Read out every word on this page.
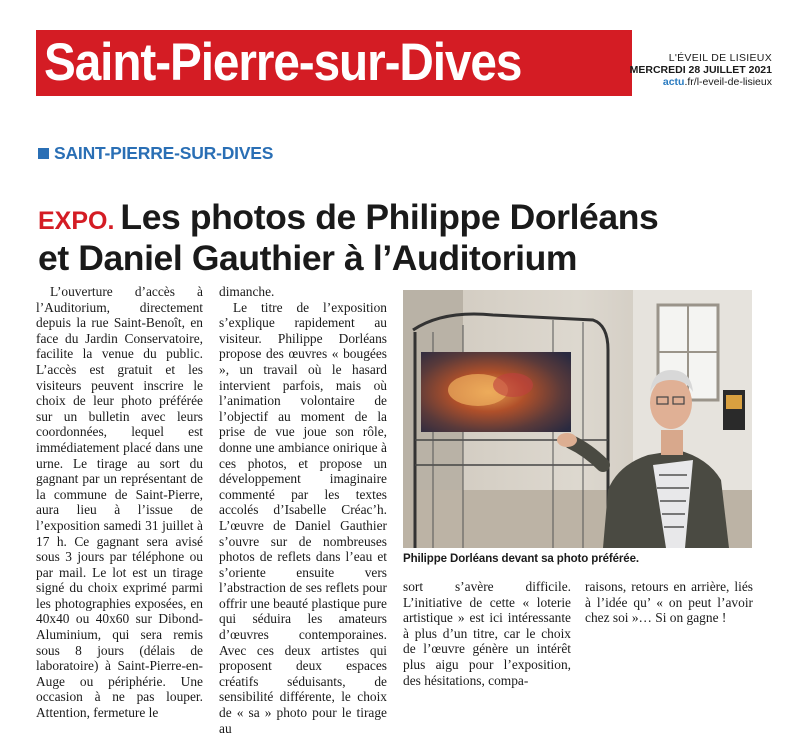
Saint-Pierre-sur-Dives	L'ÉVEIL DE LISIEUX
MERCREDI 28 JUILLET 2021
actu.fr/l-eveil-de-lisieux
SAINT-PIERRE-SUR-DIVES
EXPO. Les photos de Philippe Dorléans
et Daniel Gauthier à l’Auditorium

L’ouverture d’accès à l’Auditorium, directement depuis la rue Saint-Benoît, en face du Jardin Conservatoire, facilite la venue du public. L’accès est gratuit et les visiteurs peuvent inscrire le choix de leur photo préférée sur un bulletin avec leurs coordonnées, lequel est immédiatement placé dans une urne. Le tirage au sort du gagnant par un représentant de la commune de Saint-Pierre, aura lieu à l’issue de l’exposition samedi 31 juillet à 17 h. Ce gagnant sera avisé sous 3 jours par téléphone ou par mail. Le lot est un tirage signé du choix exprimé parmi les photographies exposées, en 40x40 ou 40x60 sur Dibond-Aluminium, qui sera remis sous 8 jours (délais de laboratoire) à Saint-Pierre-en-Auge ou périphérie. Une occasion à ne pas louper. Attention, fermeture le

dimanche.

Le titre de l’exposition s’explique rapidement au visiteur. Philippe Dorléans propose des œuvres « bougées », un travail où le hasard intervient parfois, mais où l’animation volontaire de l’objectif au moment de la prise de vue joue son rôle, donne une ambiance onirique à ces photos, et propose un développement imaginaire commenté par les textes accolés d’Isabelle Créac’h. L’œuvre de Daniel Gauthier s’ouvre sur de nombreuses photos de reflets dans l’eau et s’oriente ensuite vers l’abstraction de ses reflets pour offrir une beauté plastique pure qui séduira les amateurs d’œuvres contemporaines. Avec ces deux artistes qui proposent deux espaces créatifs séduisants, de sensibilité différente, le choix de « sa » photo pour le tirage au

Philippe Dorléans devant sa photo préférée.

sort s’avère difficile. L’initiative de cette « loterie artistique » est ici intéressante à plus d’un titre, car le choix de l’œuvre génère un intérêt plus aigu pour l’exposition, des hésitations, compa-

raisons, retours en arrière, liés à l’idée qu’ « on peut l’avoir chez soi »… Si on gagne !
